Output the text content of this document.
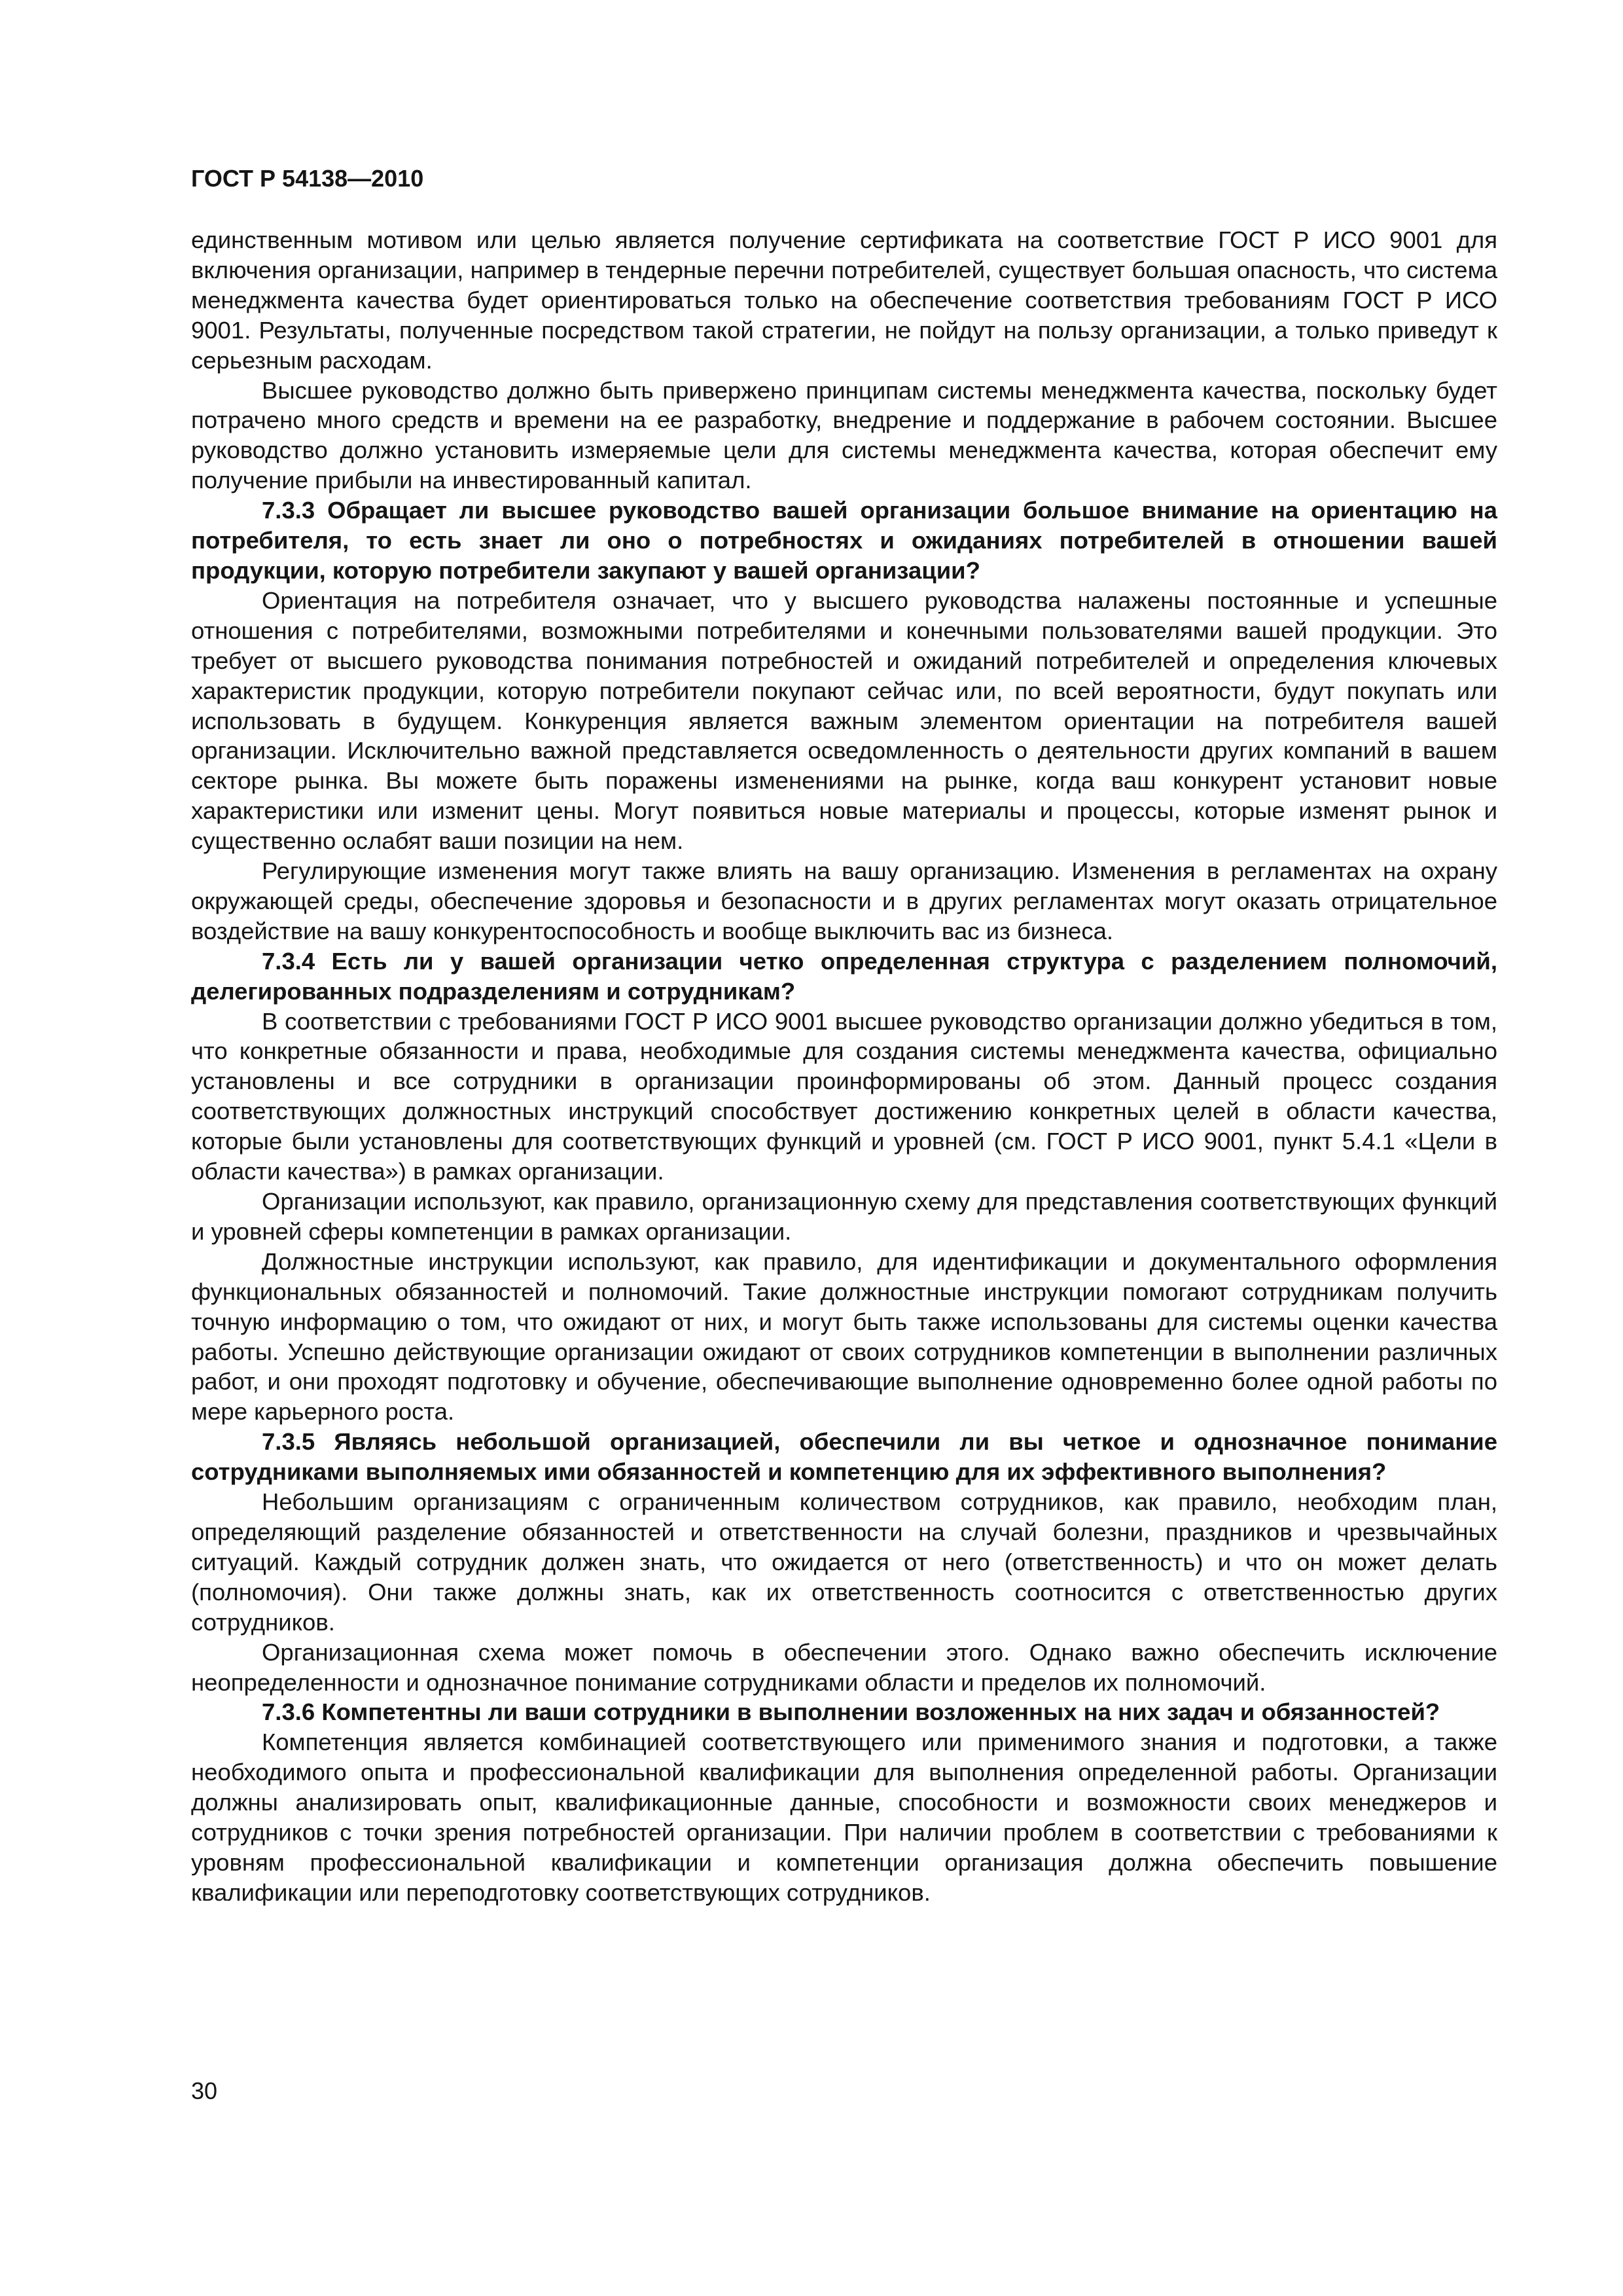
ГОСТ Р 54138—2010

единственным мотивом или целью является получение сертификата на соответствие ГОСТ Р ИСО 9001 для включения организации, например в тендерные перечни потребителей, существует большая опасность, что система менеджмента качества будет ориентироваться только на обеспечение соответствия требованиям ГОСТ Р ИСО 9001. Результаты, полученные посредством такой стратегии, не пойдут на пользу организации, а только приведут к серьезным расходам.

Высшее руководство должно быть привержено принципам системы менеджмента качества, поскольку будет потрачено много средств и времени на ее разработку, внедрение и поддержание в рабочем состоянии. Высшее руководство должно установить измеряемые цели для системы менеджмента качества, которая обеспечит ему получение прибыли на инвестированный капитал.

7.3.3 Обращает ли высшее руководство вашей организации большое внимание на ориентацию на потребителя, то есть знает ли оно о потребностях и ожиданиях потребителей в отношении вашей продукции, которую потребители закупают у вашей организации?

Ориентация на потребителя означает, что у высшего руководства налажены постоянные и успешные отношения с потребителями, возможными потребителями и конечными пользователями вашей продукции. Это требует от высшего руководства понимания потребностей и ожиданий потребителей и определения ключевых характеристик продукции, которую потребители покупают сейчас или, по всей вероятности, будут покупать или использовать в будущем. Конкуренция является важным элементом ориентации на потребителя вашей организации. Исключительно важной представляется осведомленность о деятельности других компаний в вашем секторе рынка. Вы можете быть поражены изменениями на рынке, когда ваш конкурент установит новые характеристики или изменит цены. Могут появиться новые материалы и процессы, которые изменят рынок и существенно ослабят ваши позиции на нем.

Регулирующие изменения могут также влиять на вашу организацию. Изменения в регламентах на охрану окружающей среды, обеспечение здоровья и безопасности и в других регламентах могут оказать отрицательное воздействие на вашу конкурентоспособность и вообще выключить вас из бизнеса.

7.3.4 Есть ли у вашей организации четко определенная структура с разделением полномочий, делегированных подразделениям и сотрудникам?

В соответствии с требованиями ГОСТ Р ИСО 9001 высшее руководство организации должно убедиться в том, что конкретные обязанности и права, необходимые для создания системы менеджмента качества, официально установлены и все сотрудники в организации проинформированы об этом. Данный процесс создания соответствующих должностных инструкций способствует достижению конкретных целей в области качества, которые были установлены для соответствующих функций и уровней (см. ГОСТ Р ИСО 9001, пункт 5.4.1 «Цели в области качества») в рамках организации.

Организации используют, как правило, организационную схему для представления соответствующих функций и уровней сферы компетенции в рамках организации.

Должностные инструкции используют, как правило, для идентификации и документального оформления функциональных обязанностей и полномочий. Такие должностные инструкции помогают сотрудникам получить точную информацию о том, что ожидают от них, и могут быть также использованы для системы оценки качества работы. Успешно действующие организации ожидают от своих сотрудников компетенции в выполнении различных работ, и они проходят подготовку и обучение, обеспечивающие выполнение одновременно более одной работы по мере карьерного роста.

7.3.5 Являясь небольшой организацией, обеспечили ли вы четкое и однозначное понимание сотрудниками выполняемых ими обязанностей и компетенцию для их эффективного выполнения?

Небольшим организациям с ограниченным количеством сотрудников, как правило, необходим план, определяющий разделение обязанностей и ответственности на случай болезни, праздников и чрезвычайных ситуаций. Каждый сотрудник должен знать, что ожидается от него (ответственность) и что он может делать (полномочия). Они также должны знать, как их ответственность соотносится с ответственностью других сотрудников.

Организационная схема может помочь в обеспечении этого. Однако важно обеспечить исключение неопределенности и однозначное понимание сотрудниками области и пределов их полномочий.

7.3.6 Компетентны ли ваши сотрудники в выполнении возложенных на них задач и обязанностей?

Компетенция является комбинацией соответствующего или применимого знания и подготовки, а также необходимого опыта и профессиональной квалификации для выполнения определенной работы. Организации должны анализировать опыт, квалификационные данные, способности и возможности своих менеджеров и сотрудников с точки зрения потребностей организации. При наличии проблем в соответствии с требованиями к уровням профессиональной квалификации и компетенции организация должна обеспечить повышение квалификации или переподготовку соответствующих сотрудников.

30
